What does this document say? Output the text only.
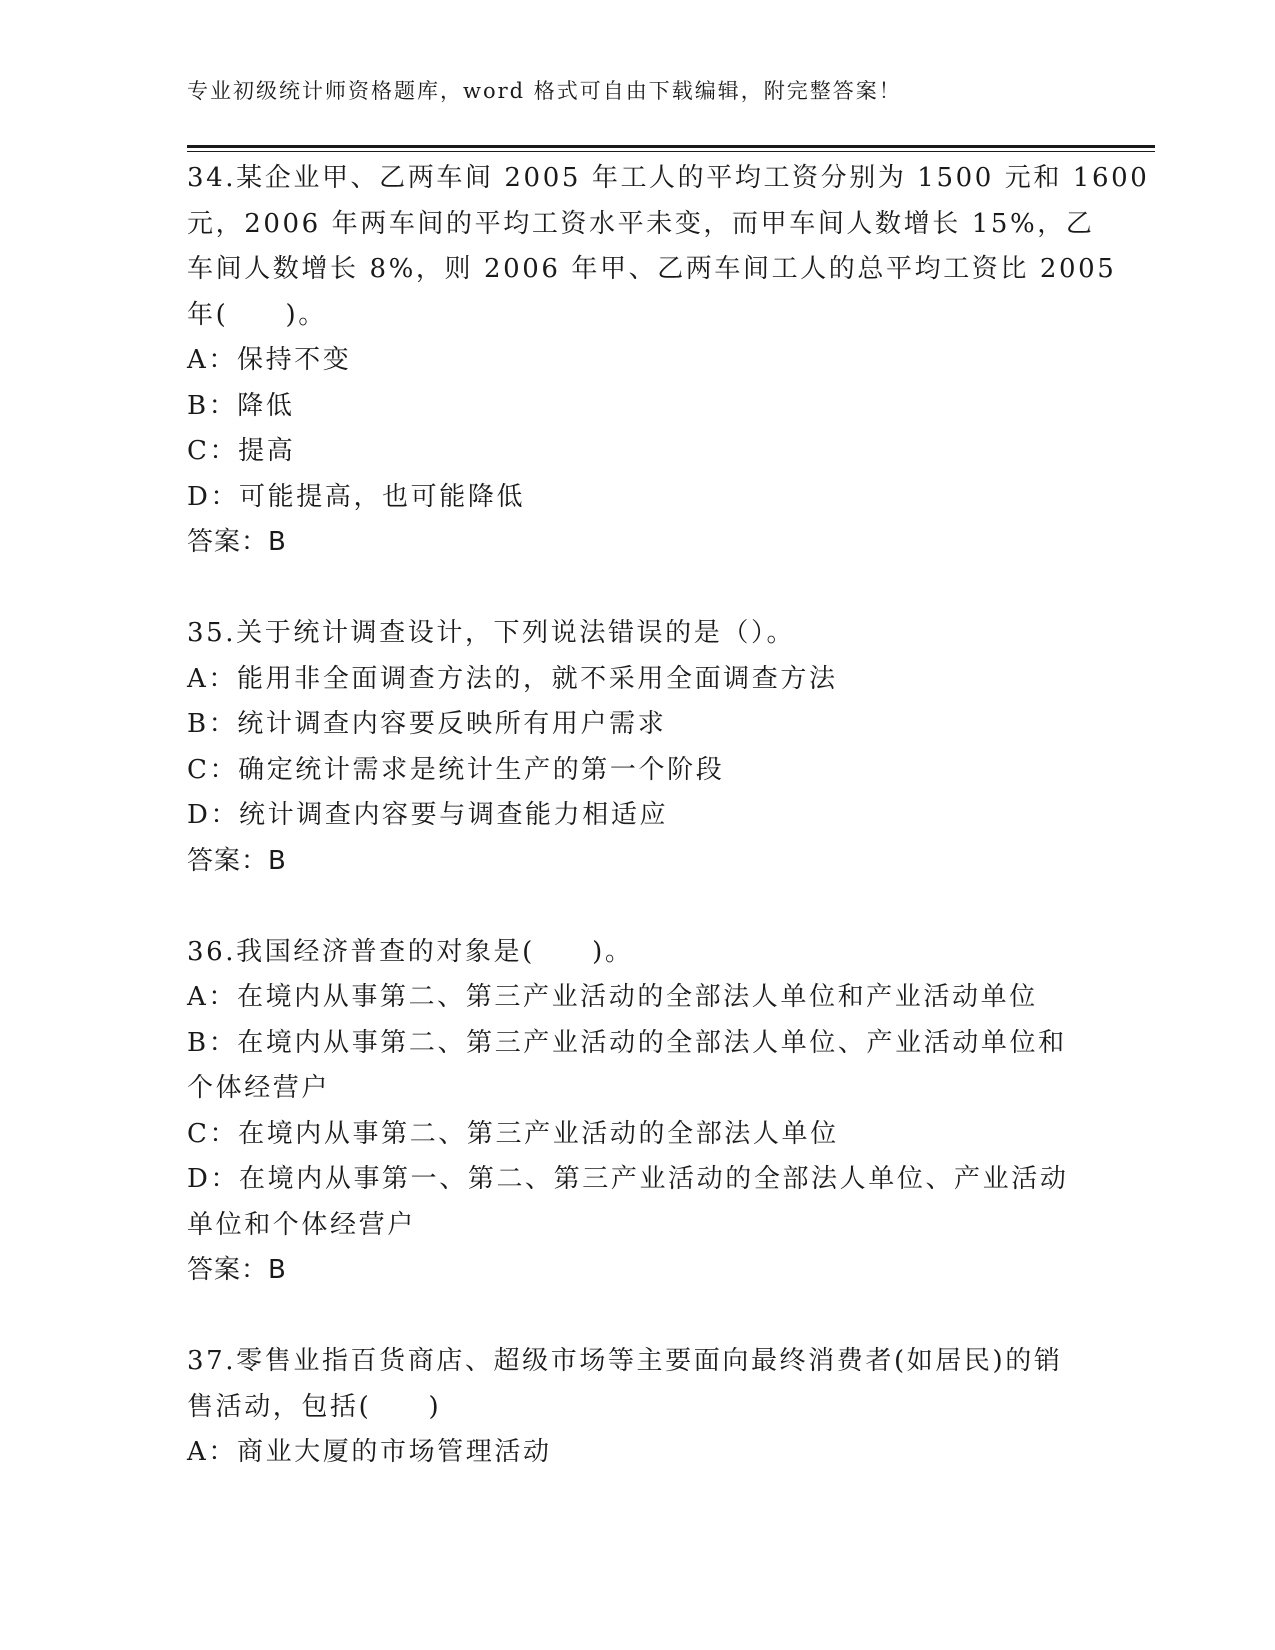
专业初级统计师资格题库，word 格式可自由下载编辑，附完整答案！

34.某企业甲、乙两车间 2005 年工人的平均工资分别为 1500 元和 1600

元，2006 年两车间的平均工资水平未变，而甲车间人数增长 15%，乙

车间人数增长 8%，则 2006 年甲、乙两车间工人的总平均工资比 2005

年(　　)。

A：保持不变

B：降低

C：提高

D：可能提高，也可能降低

答案：B

35.关于统计调查设计，下列说法错误的是（）。

A：能用非全面调查方法的，就不采用全面调查方法

B：统计调查内容要反映所有用户需求

C：确定统计需求是统计生产的第一个阶段

D：统计调查内容要与调查能力相适应

答案：B

36.我国经济普查的对象是(　　)。

A：在境内从事第二、第三产业活动的全部法人单位和产业活动单位

B：在境内从事第二、第三产业活动的全部法人单位、产业活动单位和

个体经营户

C：在境内从事第二、第三产业活动的全部法人单位

D：在境内从事第一、第二、第三产业活动的全部法人单位、产业活动

单位和个体经营户

答案：B

37.零售业指百货商店、超级市场等主要面向最终消费者(如居民)的销

售活动，包括(　　)

A：商业大厦的市场管理活动
